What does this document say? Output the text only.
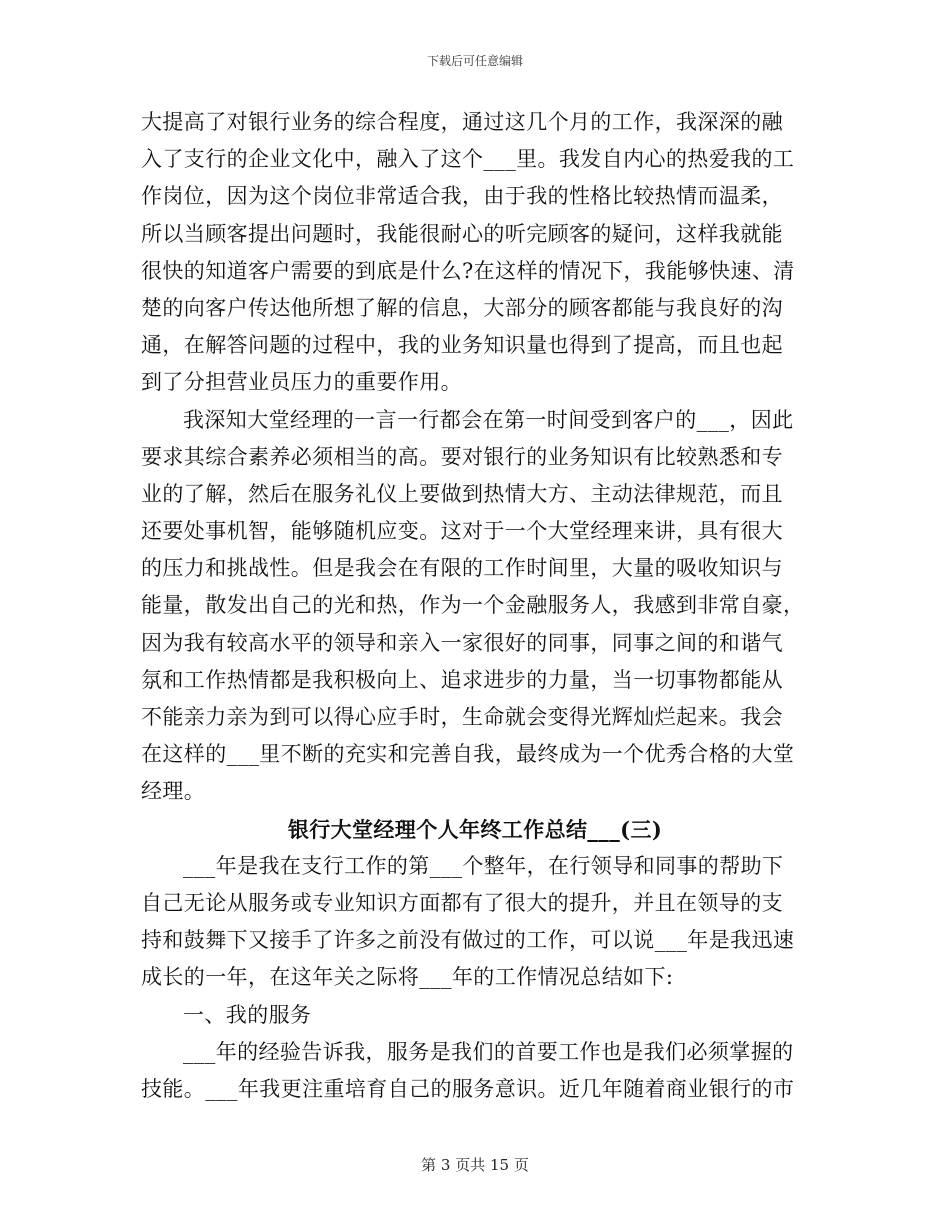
下载后可任意编辑
大提高了对银行业务的综合程度，通过这几个月的工作，我深深的融
入了支行的企业文化中，融入了这个___里。我发自内心的热爱我的工
作岗位，因为这个岗位非常适合我，由于我的性格比较热情而温柔，
所以当顾客提出问题时，我能很耐心的听完顾客的疑问，这样我就能
很快的知道客户需要的到底是什么?在这样的情况下，我能够快速、清
楚的向客户传达他所想了解的信息，大部分的顾客都能与我良好的沟
通，在解答问题的过程中，我的业务知识量也得到了提高，而且也起
到了分担营业员压力的重要作用。
我深知大堂经理的一言一行都会在第一时间受到客户的___，因此
要求其综合素养必须相当的高。要对银行的业务知识有比较熟悉和专
业的了解，然后在服务礼仪上要做到热情大方、主动法律规范，而且
还要处事机智，能够随机应变。这对于一个大堂经理来讲，具有很大
的压力和挑战性。但是我会在有限的工作时间里，大量的吸收知识与
能量，散发出自己的光和热，作为一个金融服务人，我感到非常自豪，
因为我有较高水平的领导和亲入一家很好的同事，同事之间的和谐气
氛和工作热情都是我积极向上、追求进步的力量，当一切事物都能从
不能亲力亲为到可以得心应手时，生命就会变得光辉灿烂起来。我会
在这样的___里不断的充实和完善自我，最终成为一个优秀合格的大堂
经理。
银行大堂经理个人年终工作总结___(三)
___年是我在支行工作的第___个整年，在行领导和同事的帮助下
自己无论从服务或专业知识方面都有了很大的提升，并且在领导的支
持和鼓舞下又接手了许多之前没有做过的工作，可以说___年是我迅速
成长的一年，在这年关之际将___年的工作情况总结如下:
一、我的服务
___年的经验告诉我，服务是我们的首要工作也是我们必须掌握的
技能。___年我更注重培育自己的服务意识。近几年随着商业银行的市
第 3 页共 15 页
